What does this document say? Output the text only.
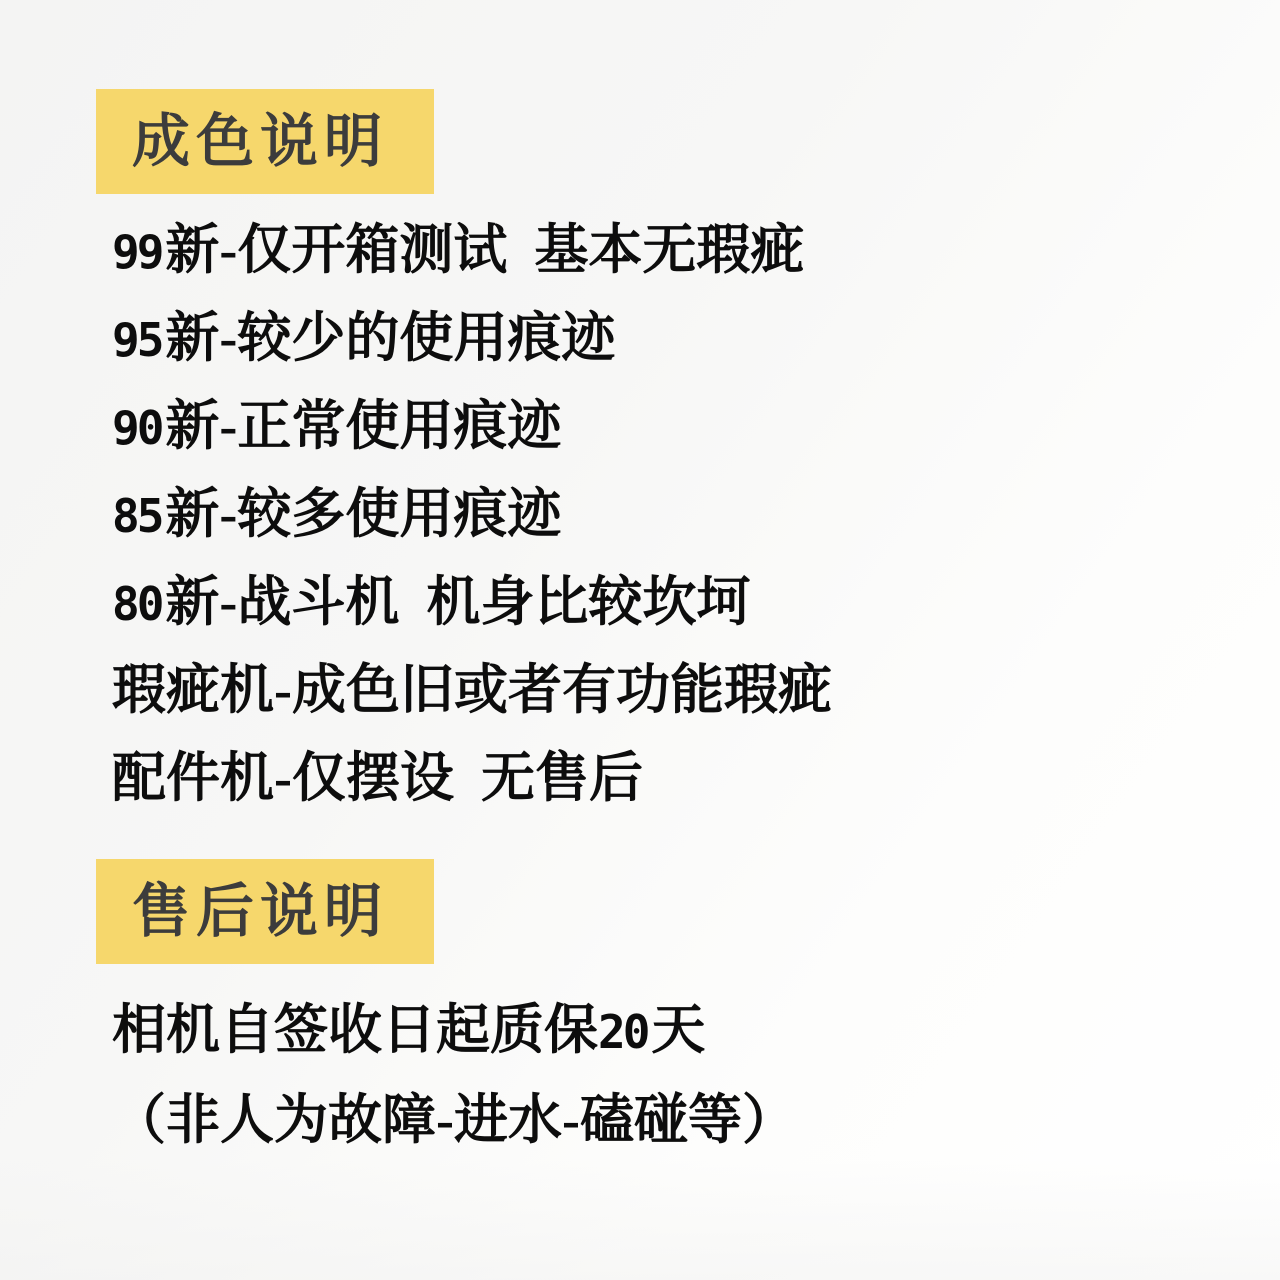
成色说明
99新-仅开箱测试  基本无瑕疵
95新-较少的使用痕迹
90新-正常使用痕迹
85新-较多使用痕迹
80新-战斗机  机身比较坎坷
瑕疵机-成色旧或者有功能瑕疵
配件机-仅摆设  无售后
售后说明
相机自签收日起质保20天
（非人为故障-进水-磕碰等）
